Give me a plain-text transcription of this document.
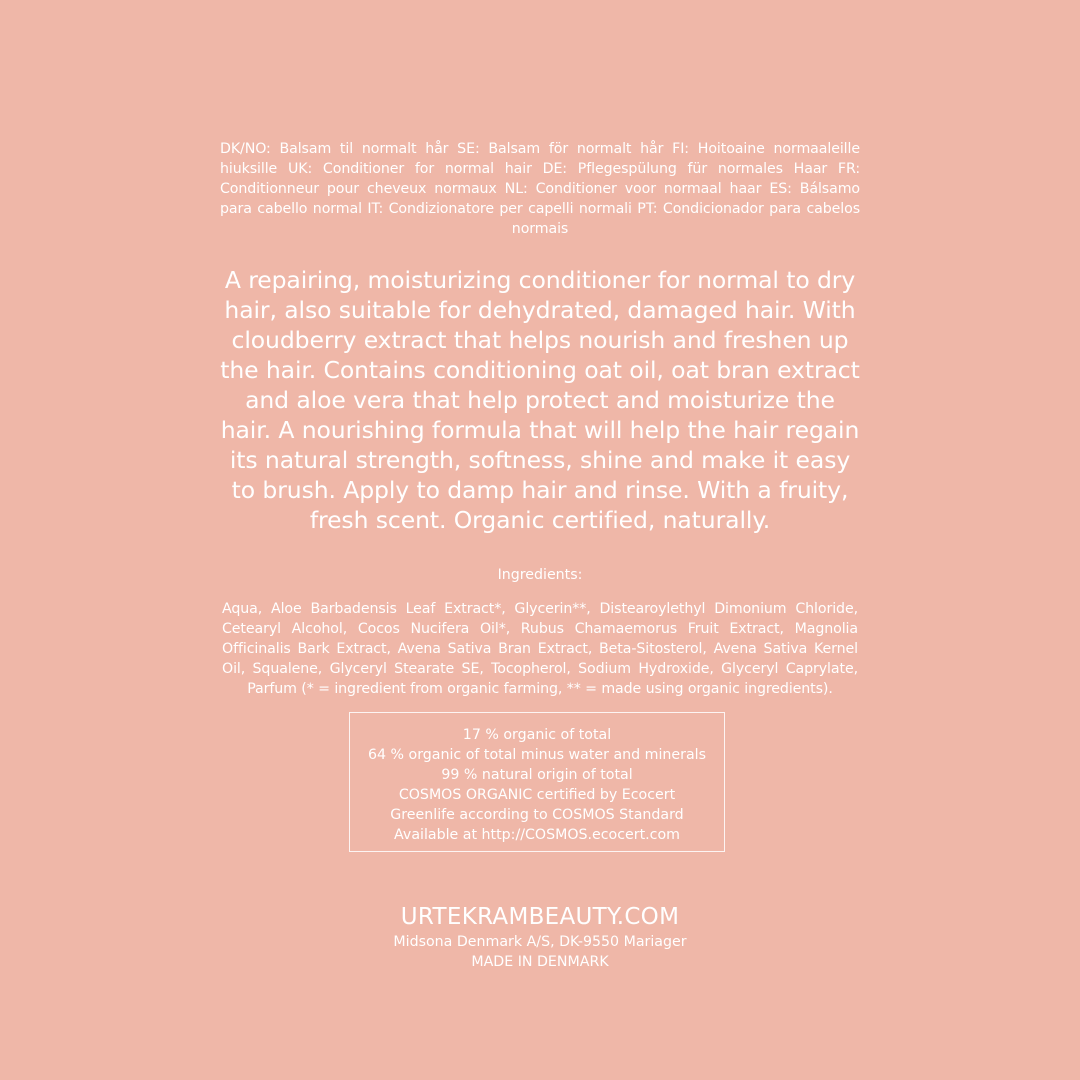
DK/NO: Balsam til normalt hår SE: Balsam för normalt hår FI: Hoitoaine normaaleille hiuksille UK: Conditioner for normal hair DE: Pflegespülung für normales Haar FR: Conditionneur pour cheveux normaux NL: Conditioner voor normaal haar ES: Bálsamo para cabello normal IT: Condizionatore per capelli normali PT: Condicionador para cabelos normais

A repairing, moisturizing conditioner for normal to dry hair, also suitable for dehydrated, damaged hair. With cloudberry extract that helps nourish and freshen up the hair. Contains conditioning oat oil, oat bran extract and aloe vera that help protect and moisturize the hair. A nourishing formula that will help the hair regain its natural strength, softness, shine and make it easy to brush. Apply to damp hair and rinse. With a fruity, fresh scent. Organic certified, naturally.

Ingredients:

Aqua, Aloe Barbadensis Leaf Extract*, Glycerin**, Distearoylethyl Dimonium Chloride, Cetearyl Alcohol, Cocos Nucifera Oil*, Rubus Chamaemorus Fruit Extract, Magnolia Officinalis Bark Extract, Avena Sativa Bran Extract, Beta-Sitosterol, Avena Sativa Kernel Oil, Squalene, Glyceryl Stearate SE, Tocopherol, Sodium Hydroxide, Glyceryl Caprylate, Parfum (* = ingredient from organic farming, ** = made using organic ingredients).

17 % organic of total
64 % organic of total minus water and minerals
99 % natural origin of total
COSMOS ORGANIC certified by Ecocert
Greenlife according to COSMOS Standard
Available at http://COSMOS.ecocert.com
URTEKRAMBEAUTY.COM
Midsona Denmark A/S, DK-9550 Mariager
MADE IN DENMARK
